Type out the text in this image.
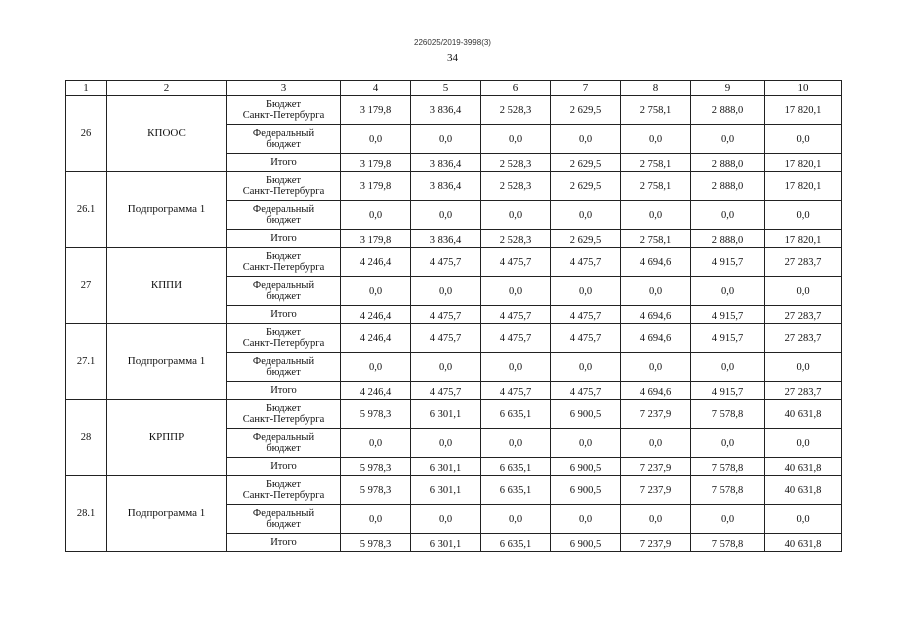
226025/2019-3998(3)
34
1	2	3	4	5	6	7	8	9	10
26	КПООС	Бюджет
Санкт-Петербурга	3 179,8	3 836,4	2 528,3	2 629,5	2 758,1	2 888,0	17 820,1
		Федеральный
бюджет	0,0	0,0	0,0	0,0	0,0	0,0	0,0
		Итого	3 179,8	3 836,4	2 528,3	2 629,5	2 758,1	2 888,0	17 820,1
26.1	Подпрограмма 1	Бюджет
Санкт-Петербурга	3 179,8	3 836,4	2 528,3	2 629,5	2 758,1	2 888,0	17 820,1
		Федеральный
бюджет	0,0	0,0	0,0	0,0	0,0	0,0	0,0
		Итого	3 179,8	3 836,4	2 528,3	2 629,5	2 758,1	2 888,0	17 820,1
27	КППИ	Бюджет
Санкт-Петербурга	4 246,4	4 475,7	4 475,7	4 475,7	4 694,6	4 915,7	27 283,7
		Федеральный
бюджет	0,0	0,0	0,0	0,0	0,0	0,0	0,0
		Итого	4 246,4	4 475,7	4 475,7	4 475,7	4 694,6	4 915,7	27 283,7
27.1	Подпрограмма 1	Бюджет
Санкт-Петербурга	4 246,4	4 475,7	4 475,7	4 475,7	4 694,6	4 915,7	27 283,7
		Федеральный
бюджет	0,0	0,0	0,0	0,0	0,0	0,0	0,0
		Итого	4 246,4	4 475,7	4 475,7	4 475,7	4 694,6	4 915,7	27 283,7
28	КРППР	Бюджет
Санкт-Петербурга	5 978,3	6 301,1	6 635,1	6 900,5	7 237,9	7 578,8	40 631,8
		Федеральный
бюджет	0,0	0,0	0,0	0,0	0,0	0,0	0,0
		Итого	5 978,3	6 301,1	6 635,1	6 900,5	7 237,9	7 578,8	40 631,8
28.1	Подпрограмма 1	Бюджет
Санкт-Петербурга	5 978,3	6 301,1	6 635,1	6 900,5	7 237,9	7 578,8	40 631,8
		Федеральный
бюджет	0,0	0,0	0,0	0,0	0,0	0,0	0,0
		Итого	5 978,3	6 301,1	6 635,1	6 900,5	7 237,9	7 578,8	40 631,8
